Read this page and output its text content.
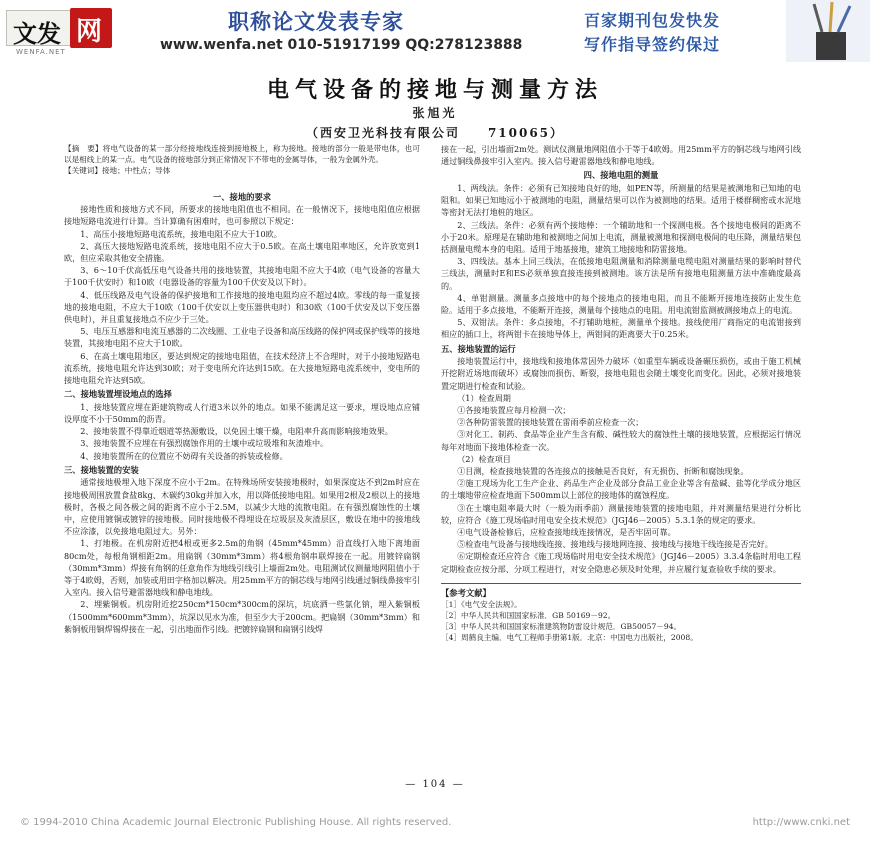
文发 网
WENFA.NET
职称论文发表专家
www.wenfa.net 010-51917199 QQ:278123888
百家期刊包发快发
写作指导签约保过
电气设备的接地与测量方法
张旭光
（西安卫光科技有限公司　　710065）
【摘　要】将电气设备的某一部分经接地线连接到接地极上，称为接地。接地的部分一般是带电体，也可以是相线上的某一点。电气设备的接地部分到正常情况下不带电的金属导体，一般为金属外壳。
【关键词】接地；中性点；导体
一、接地的要求
接地性质和接地方式不同，所要求的接地电阻值也不相同。在一般情况下，接地电阻值应根据接地短路电流进行计算。当计算确有困难时，也可参照以下规定：
1、高压小接地短路电流系统，接地电阻不应大于10欧。
2、高压大接地短路电流系统，接地电阻不应大于0.5欧。在高土壤电阻率地区，允许放宽到1欧，但应采取其他安全措施。
3、6～10千伏高低压电气设备共用的接地装置，其接地电阻不应大于4欧（电气设备的容量大于100千伏安时）和10欧（电器设备的容量为100千伏安及以下时）。
4、低压线路及电气设备的保护接地和工作接地的接地电阻均应不超过4欧。零线的每一重复接地的接地电阻，不应大于10欧（100千伏安以上变压器供电时）和30欧（100千伏安及以下变压器供电时），并且重复接地点不应少于三处。
5、电压互感器和电流互感器的二次线圈、工业电子设备和高压线路的保护网或保护线等的接地装置，其接地电阻不应大于10欧。
6、在高土壤电阻地区，要达到规定的接地电阻值，在技术经济上不合理时，对于小接地短路电流系统，接地电阻允许达到30欧；对于变电所允许达到15欧。在大接地短路电流系统中，变电所的接地电阻允许达到5欧。
二、接地装置埋设地点的选择
1、接地装置应埋在距建筑物或人行道3米以外的地点。如果不能满足这一要求，埋设地点应铺设厚度不小于50mm的沥青。
2、接地装置不得靠近烟道等热源敷设，以免因土壤干燥，电阻率升高而影响接地效果。
3、接地装置不应埋在有强烈腐蚀作用的土壤中或垃圾堆和灰渣堆中。
4、接地装置所在的位置应不妨碍有关设备的拆装或检修。
三、接地装置的安装
通常接地极埋入地下深度不应小于2m。在特殊场所安装接地极时，如果深度达不到2m时应在接地极周围放置食盐8kg、木碳约30kg并加入水，用以降低接地电阻。如果用2根及2根以上的接地极时，各极之间各极之间的距离不应小于2.5M，以减少大地的流散电阻。在有强烈腐蚀性的土壤中，应使用镀铜或镀锌的接地极。同时接地极不得埋设在垃圾层及灰渣层区，敷设在地中的接地线不应涂漆，以免接地电阻过大。另外：
1、打地极。在机房附近把4根或更多2.5m的角钢（45mm*45mm）沿直线打入地下离地面80cm处，每根角钢相距2m。用扁钢（30mm*3mm）将4根角钢串联焊接在一起。用镀锌扁钢（30mm*3mm）焊接有角钢的任意角作为地线引线引上墙面2m处。电阻测试仪测量地网阻值小于等于4欧姆，否则，加装或用田字格加以解决。用25mm平方的铜芯线与地网引线通过铜线鼻接牢引入室内。接入信号避雷器地线和静电地线。
2、埋紫铜板。机房附近挖250cm*150cm*300cm的深坑，坑底洒一些氯化钠，埋入紫铜板（1500mm*600mm*3mm），坑深以见水为准，但至少大于200cm。把扁钢（30mm*3mm）和紫铜板用铜焊锡焊接在一起，引出地面作引线。把镀锌扁钢和扁钢引线焊
接在一起，引出墙面2m处。测试仪测量地网阻值小于等于4欧姆。用25mm平方的铜芯线与地网引线通过铜线鼻接牢引入室内。接入信号避雷器地线和静电地线。
四、接地电阻的测量
1、两线法。条件：必须有已知接地良好的地，如PEN等，所测量的结果是被测地和已知地的电阻和。如果已知地远小于被测地的电阻，测量结果可以作为被测地的结果。适用于楼群稠密或水泥地等密封无法打地桩的地区。
2、三线法。条件：必须有两个接地棒：一个辅助地和一个探测电极。各个接地电极间的距离不小于20米。原理是在辅助地和被测地之间加上电流，测量被测地和探测电极间的电压降，测量结果包括测量电缆本身的电阻。适用于地基接地，建筑工地接地和防雷接地。
3、四线法。基本上同三线法，在低接地电阻测量和消除测量电缆电阻对测量结果的影响时替代三线法，测量时E和ES必须单独直接连接到被测地。该方法是所有接地电阻测量方法中准确度最高的。
4、单钳测量。测量多点接地中的每个接地点的接地电阻，而且不能断开接地连接防止发生危险。适用于多点接地，不能断开连接，测量每个接地点的电阻。用电流钳监测被测接地点上的电流。
5、双钳法。条件：多点接地，不打辅助地桩，测量单个接地。接线使用厂商指定的电流钳接到相应的插口上，将两钳卡在接地导体上，两钳间的距离要大于0.25米。
五、接地装置的运行
接地装置运行中，接地线和接地体常因外力破坏（如重型车辆或设备碾压损伤，或由于施工机械开挖附近场地而破坏）或腐蚀而损伤、断裂，接地电阻也会随土壤变化而变化。因此，必须对接地装置定期进行检查和试验。
（1）检查周期
①各接地装置应每月检测一次；
②各种防雷装置的接地装置在雷雨季前应检查一次；
③对化工、制药、食品等企业产生含有酸、碱性较大的腐蚀性土壤的接地装置，应根据运行情况每年对地面下接地体检查一次。
（2）检查项目
①目测，检查接地装置的各连接点的接触是否良好，有无损伤、折断和腐蚀现象。
②施工现场为化工生产企业、药品生产企业及部分食品工业企业等含有盐碱、盐等化学成分地区的土壤地带应检查地面下500mm以上部位的接地体的腐蚀程度。
③在土壤电阻率最大时（一般为雨季前）测量接地装置的接地电阻，并对测量结果进行分析比较，应符合《施工现场临时用电安全技术规范》（JGJ46－2005）5.3.1条的规定的要求。
④电气设备检修后，应检查接地线连接情况，是否牢固可靠。
⑤检查电气设备与接地线连接、接地线与接地网连接、接地线与接地干线连接是否完好。
⑥定期检查还应符合《施工现场临时用电安全技术规范》（JGJ46－2005）3.3.4条临时用电工程定期检查应按分部、分项工程进行，对安全隐患必须及时处理，并应履行复查验收手续的要求。
【参考文献】
［1］《电气安全法规》。
［2］中华人民共和国国家标准．GB 50169－92。
［3］中华人民共和国国家标准建筑物防雷设计规范．GB50057－94。
［4］周鹤良主编．电气工程师手册第1版．北京：中国电力出版社，2008。
— 104 —
© 1994-2010 China Academic Journal Electronic Publishing House. All rights reserved.	http://www.cnki.net
